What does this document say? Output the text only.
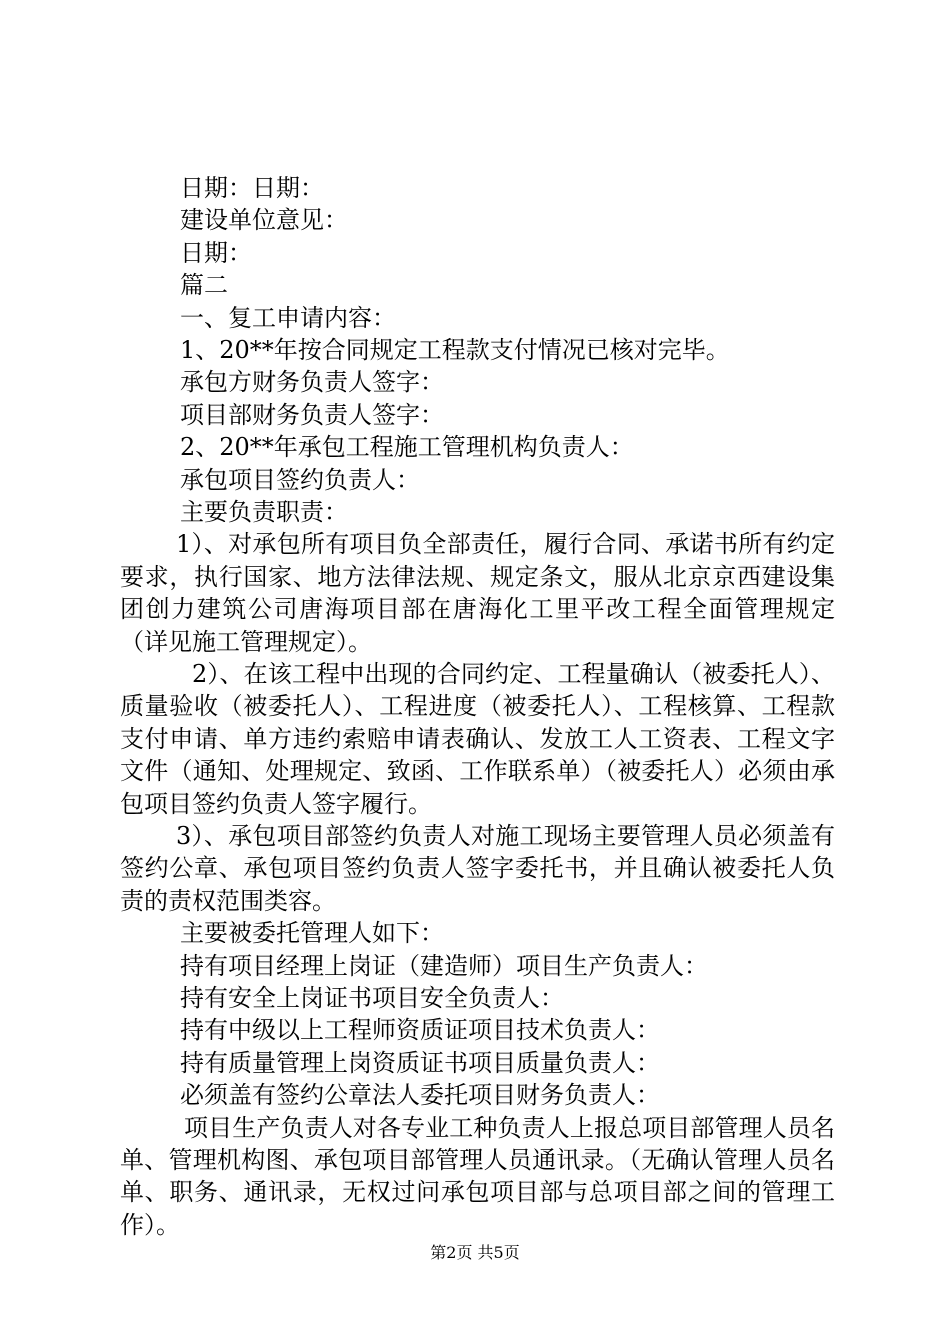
日期：日期：
建设单位意见：
日期：
篇二
一、复工申请内容：
1、20**年按合同规定工程款支付情况已核对完毕。
承包方财务负责人签字：
项目部财务负责人签字：
2、20**年承包工程施工管理机构负责人：
承包项目签约负责人：
主要负责职责：

1）、对承包所有项目负全部责任，履行合同、承诺书所有约定要求，执行国家、地方法律法规、规定条文，服从北京京西建设集团创力建筑公司唐海项目部在唐海化工里平改工程全面管理规定（详见施工管理规定）。

2）、在该工程中出现的合同约定、工程量确认（被委托人）、质量验收（被委托人）、工程进度（被委托人）、工程核算、工程款支付申请、单方违约索赔申请表确认、发放工人工资表、工程文字文件（通知、处理规定、致函、工作联系单）（被委托人）必须由承包项目签约负责人签字履行。

3）、承包项目部签约负责人对施工现场主要管理人员必须盖有签约公章、承包项目签约负责人签字委托书，并且确认被委托人负责的责权范围类容。

主要被委托管理人如下：
持有项目经理上岗证（建造师）项目生产负责人：
持有安全上岗证书项目安全负责人：
持有中级以上工程师资质证项目技术负责人：
持有质量管理上岗资质证书项目质量负责人：
必须盖有签约公章法人委托项目财务负责人：

项目生产负责人对各专业工种负责人上报总项目部管理人员名单、管理机构图、承包项目部管理人员通讯录。（无确认管理人员名单、职务、通讯录，无权过问承包项目部与总项目部之间的管理工作）。

第2页 共5页
